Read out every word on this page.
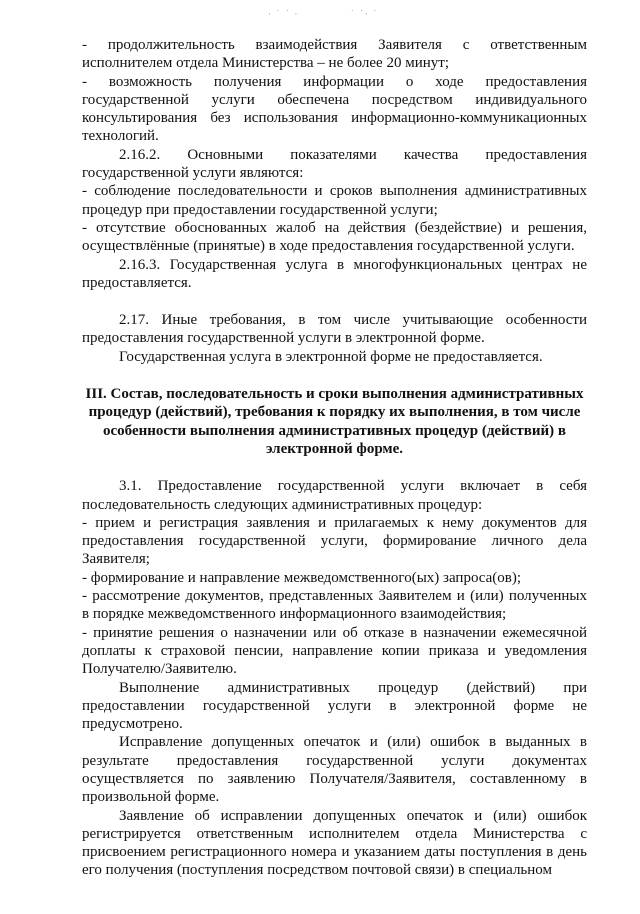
· ˙ ˙ ·	˙ ˙· ˙

- продолжительность взаимодействия Заявителя с ответственным исполнителем отдела Министерства – не более 20 минут;

- возможность получения информации о ходе предоставления государственной услуги обеспечена посредством индивидуального консультирования без использования информационно-коммуникационных технологий.

2.16.2. Основными показателями качества предоставления государственной услуги являются:

- соблюдение последовательности и сроков выполнения административных процедур при предоставлении государственной услуги;

- отсутствие обоснованных жалоб на действия (бездействие) и решения, осуществлённые (принятые) в ходе предоставления государственной услуги.

2.16.3. Государственная услуга в многофункциональных центрах не предоставляется.

2.17. Иные требования, в том числе учитывающие особенности предоставления государственной услуги в электронной форме.

Государственная услуга в электронной форме не предоставляется.

III. Состав, последовательность и сроки выполнения административных процедур (действий), требования к порядку их выполнения, в том числе особенности выполнения административных процедур (действий) в электронной форме.

3.1. Предоставление государственной услуги включает в себя последовательность следующих административных процедур:

- прием и регистрация заявления и прилагаемых к нему документов для предоставления государственной услуги, формирование личного дела Заявителя;

- формирование и направление межведомственного(ых) запроса(ов);

- рассмотрение документов, представленных Заявителем и (или) полученных в порядке межведомственного информационного взаимодействия;

- принятие решения о назначении или об отказе в назначении ежемесячной доплаты к страховой пенсии, направление копии приказа и уведомления Получателю/Заявителю.

Выполнение административных процедур (действий) при предоставлении государственной услуги в электронной форме не предусмотрено.

Исправление допущенных опечаток и (или) ошибок в выданных в результате предоставления государственной услуги документах осуществляется по заявлению Получателя/Заявителя, составленному в произвольной форме.

Заявление об исправлении допущенных опечаток и (или) ошибок регистрируется ответственным исполнителем отдела Министерства с присвоением регистрационного номера и указанием даты поступления в день его получения (поступления посредством почтовой связи) в специальном
